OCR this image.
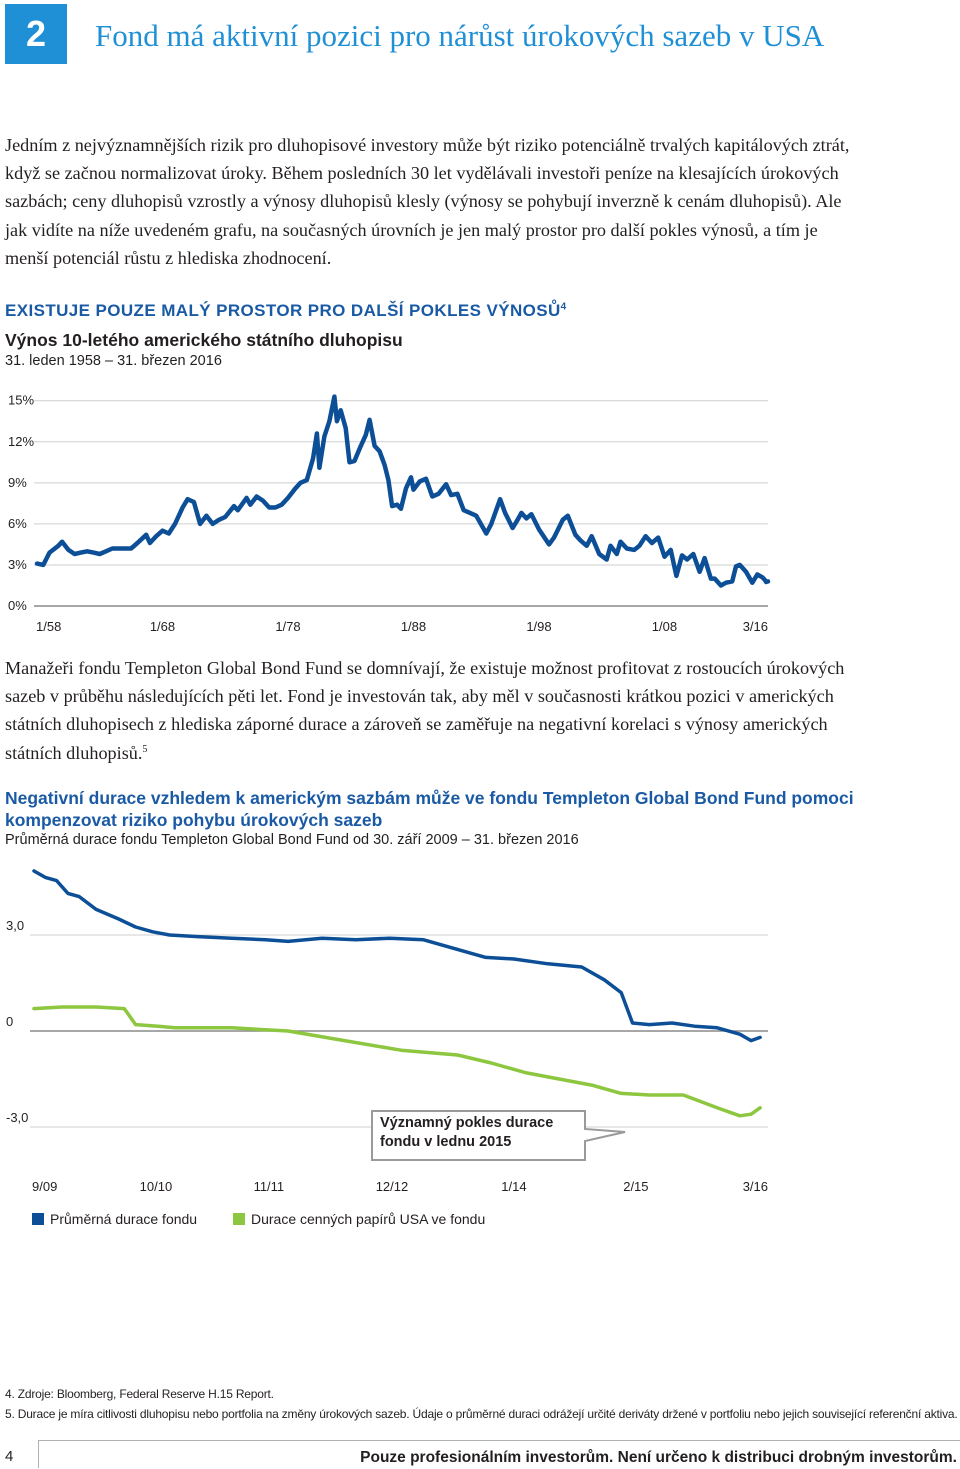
2 Fond má aktivní pozici pro nárůst úrokových sazeb v USA
Jedním z nejvýznamnějších rizik pro dluhopisové investory může být riziko potenciálně trvalých kapitálových ztrát, když se začnou normalizovat úroky. Během posledních 30 let vydělávali investoři peníze na klesajících úrokových sazbách; ceny dluhopisů vzrostly a výnosy dluhopisů klesly (výnosy se pohybují inverzně k cenám dluhopisů). Ale jak vidíte na níže uvedeném grafu, na současných úrovních je jen malý prostor pro další pokles výnosů, a tím je menší potenciál růstu z hlediska zhodnocení.
EXISTUJE POUZE MALÝ PROSTOR PRO DALŠÍ POKLES VÝNOSŮ$^4$
Výnos 10-letého amerického státního dluhopisu
31. leden 1958 – 31. březen 2016
0%
3%
6%
9%
12%
15%
1/58	1/68	1/78	1/88	1/98	1/08	3/16
Manažeři fondu Templeton Global Bond Fund se domnívají, že existuje možnost profitovat z rostoucích úrokových sazeb v průběhu následujících pěti let. Fond je investován tak, aby měl v současnosti krátkou pozici v amerických státních dluhopisech z hlediska záporné durace a zároveň se zaměřuje na negativní korelaci s výnosy amerických státních dluhopisů.$^5$
Negativní durace vzhledem k americkým sazbám může ve fondu Templeton Global Bond Fund pomoci kompenzovat riziko pohybu úrokových sazeb
Průměrná durace fondu Templeton Global Bond Fund od 30. září 2009 – 31. březen 2016
-3,0
0
3,0
9/09	10/10	11/11	12/12	1/14	2/15	3/16
Významný pokles durace fondu v lednu 2015
Průměrná durace fondu	Durace cenných papírů USA ve fondu
4. Zdroje: Bloomberg, Federal Reserve H.15 Report.
5. Durace je míra citlivosti dluhopisu nebo portfolia na změny úrokových sazeb. Údaje o průměrné duraci odrážejí určité deriváty držené v portfoliu nebo jejich související referenční aktiva.
4	Pouze profesionálním investorům. Není určeno k distribuci drobným investorům.
